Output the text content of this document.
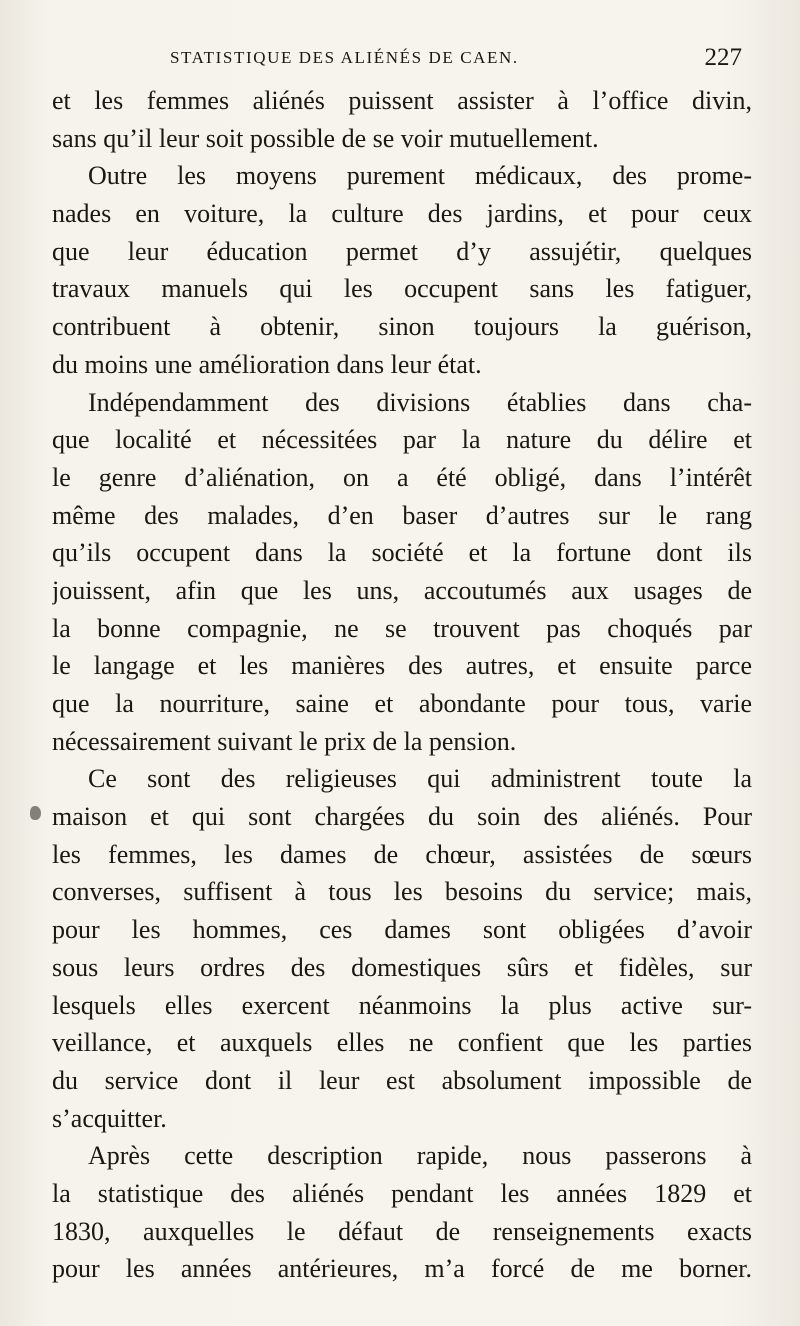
STATISTIQUE DES ALIÉNÉS DE CAEN.	227
et les femmes aliénés puissent assister à l’office divin,
sans qu’il leur soit possible de se voir mutuellement.
Outre les moyens purement médicaux, des prome-
nades en voiture, la culture des jardins, et pour ceux
que leur éducation permet d’y assujétir, quelques
travaux manuels qui les occupent sans les fatiguer,
contribuent à obtenir, sinon toujours la guérison,
du moins une amélioration dans leur état.
Indépendamment des divisions établies dans cha-
que localité et nécessitées par la nature du délire et
le genre d’aliénation, on a été obligé, dans l’intérêt
même des malades, d’en baser d’autres sur le rang
qu’ils occupent dans la société et la fortune dont ils
jouissent, afin que les uns, accoutumés aux usages de
la bonne compagnie, ne se trouvent pas choqués par
le langage et les manières des autres, et ensuite parce
que la nourriture, saine et abondante pour tous, varie
nécessairement suivant le prix de la pension.
Ce sont des religieuses qui administrent toute la
maison et qui sont chargées du soin des aliénés. Pour
les femmes, les dames de chœur, assistées de sœurs
converses, suffisent à tous les besoins du service; mais,
pour les hommes, ces dames sont obligées d’avoir
sous leurs ordres des domestiques sûrs et fidèles, sur
lesquels elles exercent néanmoins la plus active sur-
veillance, et auxquels elles ne confient que les parties
du service dont il leur est absolument impossible de
s’acquitter.
Après cette description rapide, nous passerons à
la statistique des aliénés pendant les années 1829 et
1830, auxquelles le défaut de renseignements exacts
pour les années antérieures, m’a forcé de me borner.
